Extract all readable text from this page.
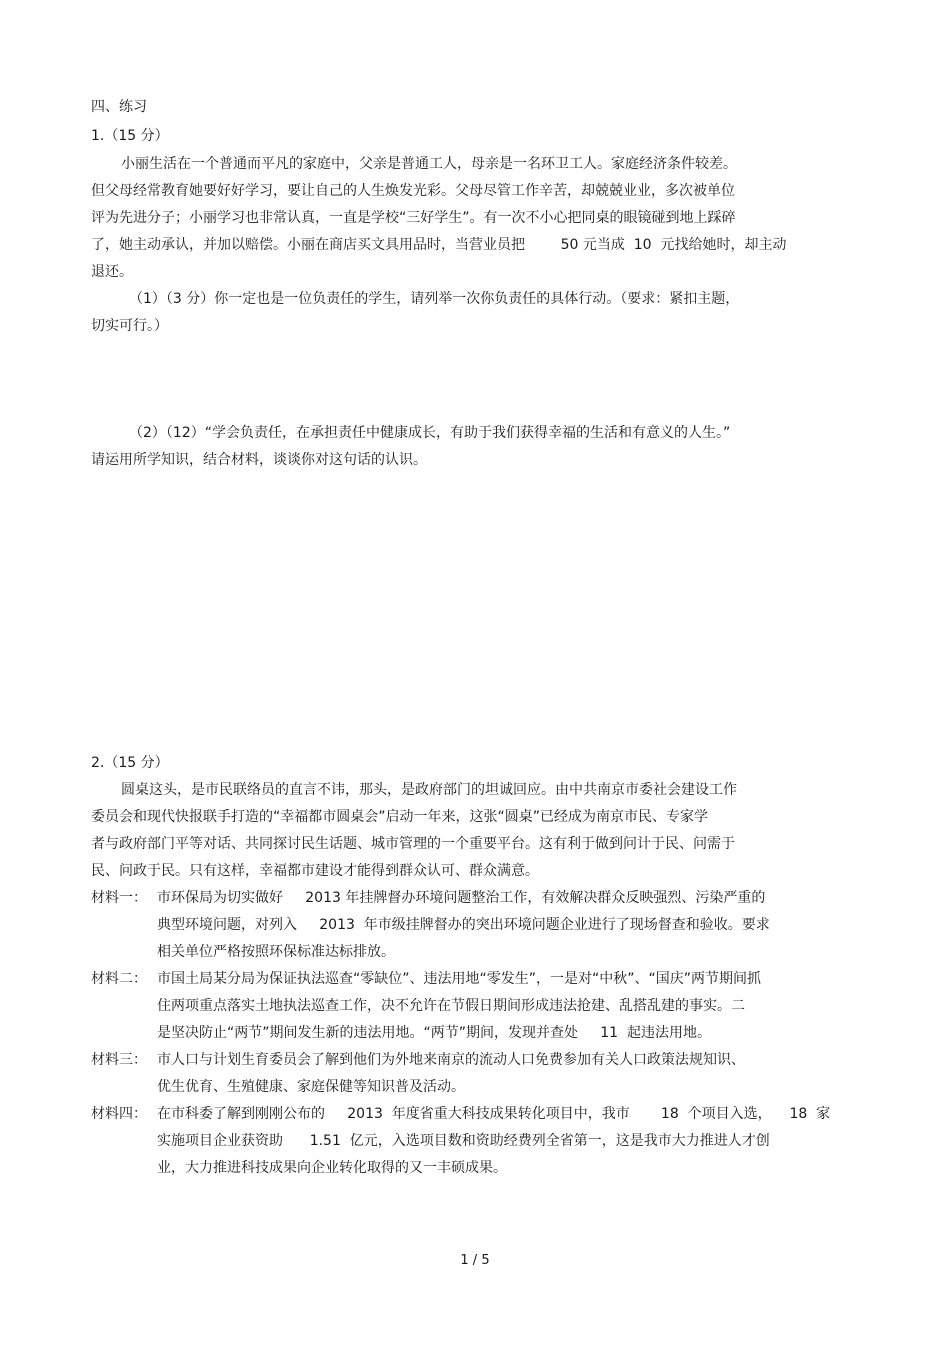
四、练习
1.（15 分）
小丽生活在一个普通而平凡的家庭中，父亲是普通工人，母亲是一名环卫工人。家庭经济条件较差。
但父母经常教育她要好好学习，要让自己的人生焕发光彩。父母尽管工作辛苦，却兢兢业业，多次被单位
评为先进分子；小丽学习也非常认真，一直是学校“三好学生”。有一次不小心把同桌的眼镜碰到地上踩碎
了，她主动承认，并加以赔偿。小丽在商店买文具用品时，当营业员把        50 元当成  10  元找给她时，却主动
退还。
（1）（3 分）你一定也是一位负责任的学生，请列举一次你负责任的具体行动。（要求：紧扣主题，
切实可行。）
（2）（12）“学会负责任，在承担责任中健康成长，有助于我们获得幸福的生活和有意义的人生。”
请运用所学知识，结合材料，谈谈你对这句话的认识。
2.（15 分）
圆桌这头，是市民联络员的直言不讳，那头，是政府部门的坦诚回应。由中共南京市委社会建设工作
委员会和现代快报联手打造的“幸福都市圆桌会”启动一年来，这张“圆桌”已经成为南京市民、专家学
者与政府部门平等对话、共同探讨民生话题、城市管理的一个重要平台。这有利于做到问计于民、问需于
民、问政于民。只有这样，幸福都市建设才能得到群众认可、群众满意。
材料一： 市环保局为切实做好     2013 年挂牌督办环境问题整治工作，有效解决群众反映强烈、污染严重的
典型环境问题，对列入     2013  年市级挂牌督办的突出环境问题企业进行了现场督查和验收。要求
相关单位严格按照环保标准达标排放。
材料二： 市国土局某分局为保证执法巡查“零缺位”、违法用地“零发生”，一是对“中秋”、“国庆”两节期间抓
住两项重点落实土地执法巡查工作，决不允许在节假日期间形成违法抢建、乱搭乱建的事实。二
是坚决防止“两节”期间发生新的违法用地。“两节”期间，发现并查处     11  起违法用地。
材料三： 市人口与计划生育委员会了解到他们为外地来南京的流动人口免费参加有关人口政策法规知识、
优生优育、生殖健康、家庭保健等知识普及活动。
材料四： 在市科委了解到刚刚公布的     2013  年度省重大科技成果转化项目中，我市       18  个项目入选，    18  家
实施项目企业获资助      1.51  亿元，入选项目数和资助经费列全省第一，这是我市大力推进人才创
业，大力推进科技成果向企业转化取得的又一丰硕成果。
1 / 5
